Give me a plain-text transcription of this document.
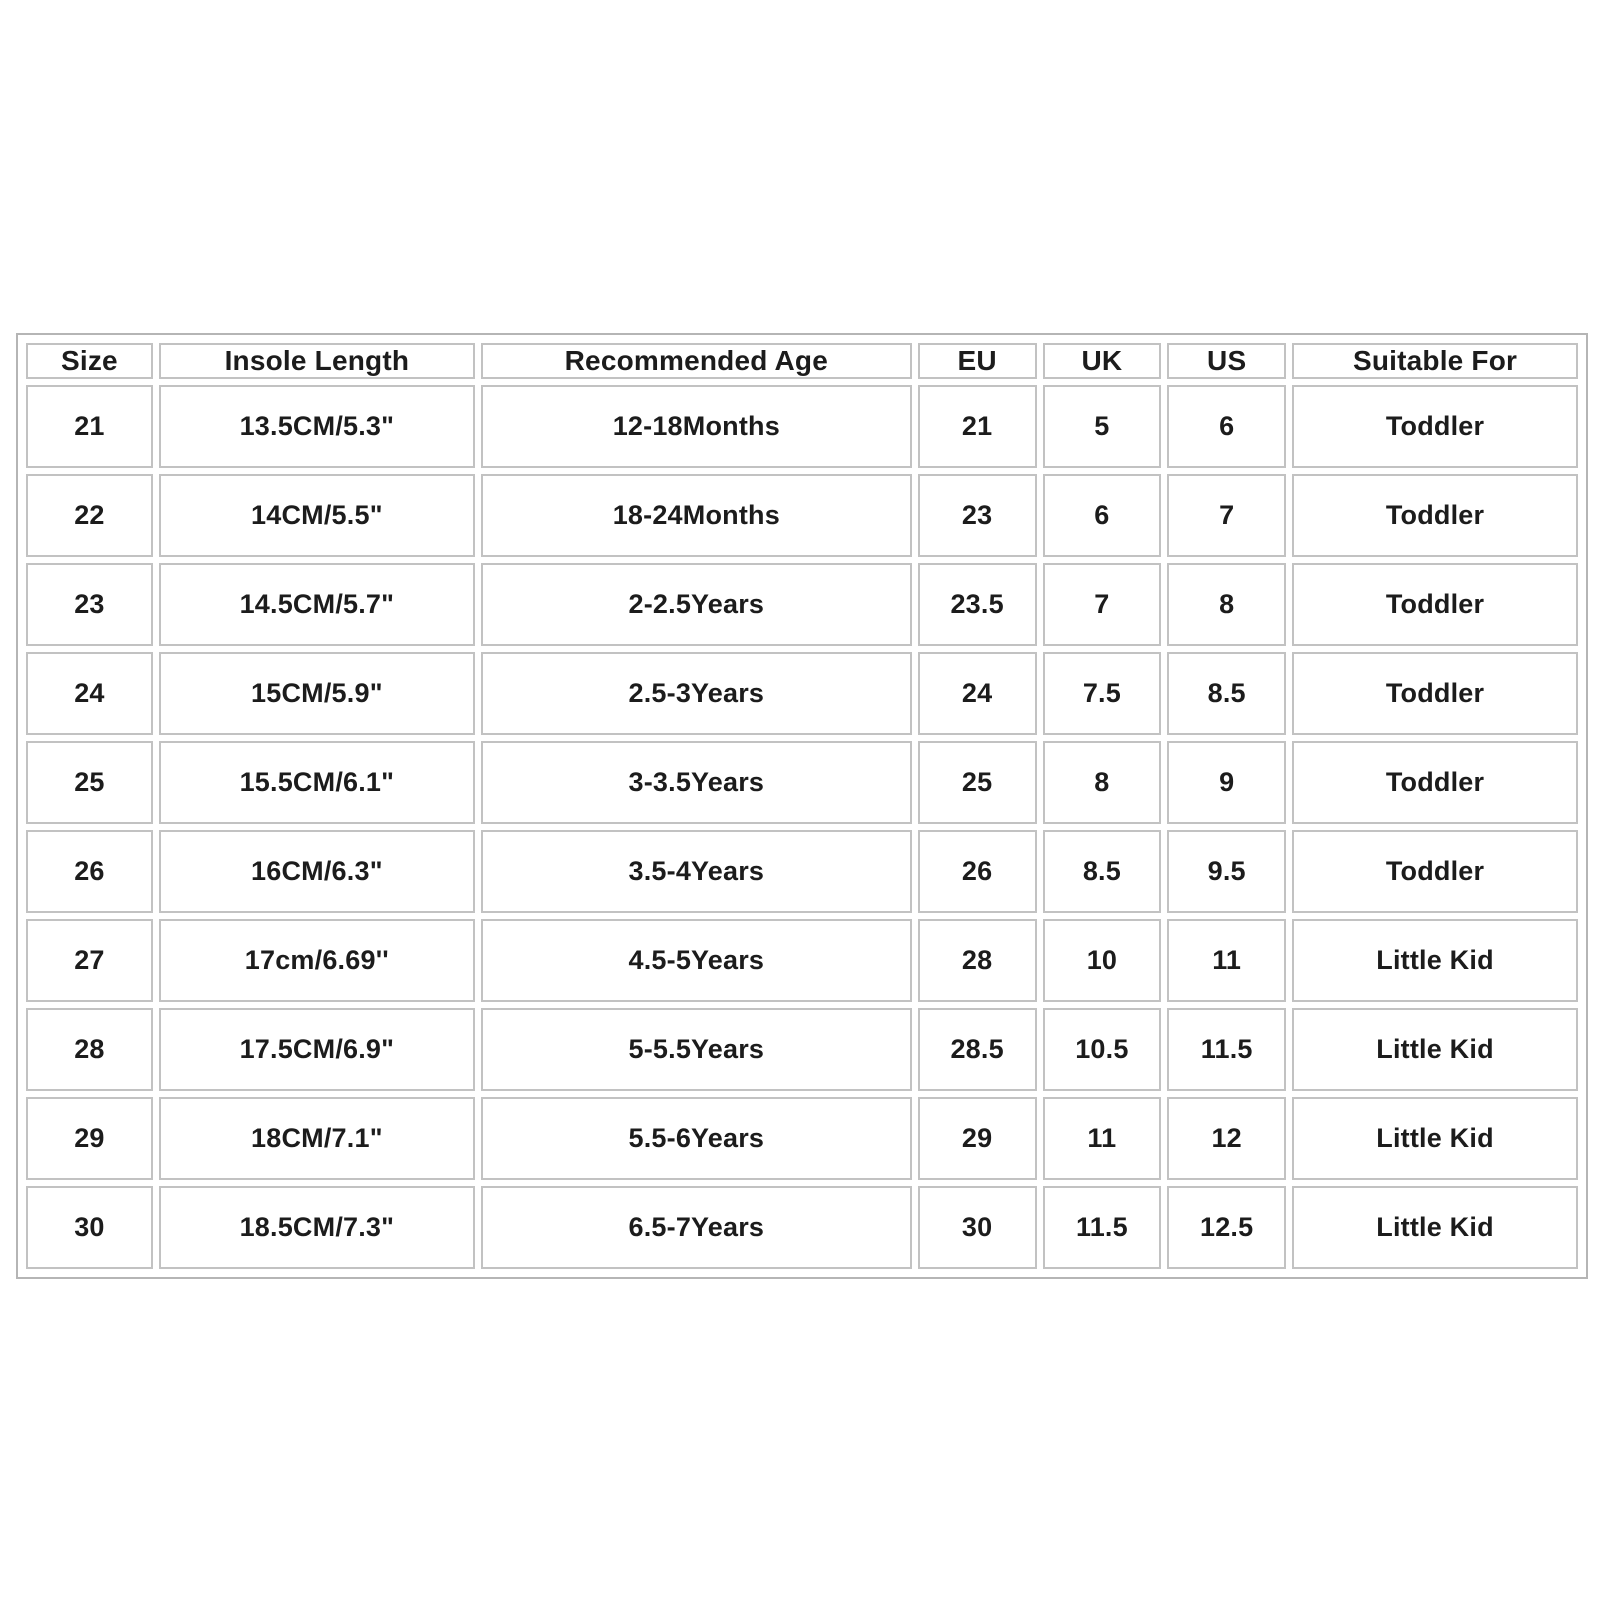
Size	Insole Length	Recommended Age	EU	UK	US	Suitable For
21	13.5CM/5.3"	12-18Months	21	5	6	Toddler
22	14CM/5.5"	18-24Months	23	6	7	Toddler
23	14.5CM/5.7"	2-2.5Years	23.5	7	8	Toddler
24	15CM/5.9"	2.5-3Years	24	7.5	8.5	Toddler
25	15.5CM/6.1"	3-3.5Years	25	8	9	Toddler
26	16CM/6.3"	3.5-4Years	26	8.5	9.5	Toddler
27	17cm/6.69''	4.5-5Years	28	10	11	Little Kid
28	17.5CM/6.9"	5-5.5Years	28.5	10.5	11.5	Little Kid
29	18CM/7.1"	5.5-6Years	29	11	12	Little Kid
30	18.5CM/7.3"	6.5-7Years	30	11.5	12.5	Little Kid
